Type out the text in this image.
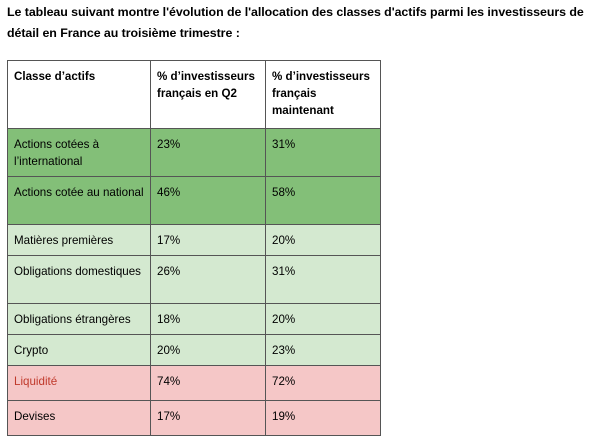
Le tableau suivant montre l'évolution de l'allocation des classes d'actifs parmi les investisseurs de
détail en France au troisième trimestre :
Classe d’actifs	% d’investisseurs français en Q2	% d’investisseurs français maintenant
Actions cotées à l’international	23%	31%
Actions cotée au national	46%	58%
Matières premières	17%	20%
Obligations domestiques	26%	31%
Obligations étrangères	18%	20%
Crypto	20%	23%
Liquidité	74%	72%
Devises	17%	19%
